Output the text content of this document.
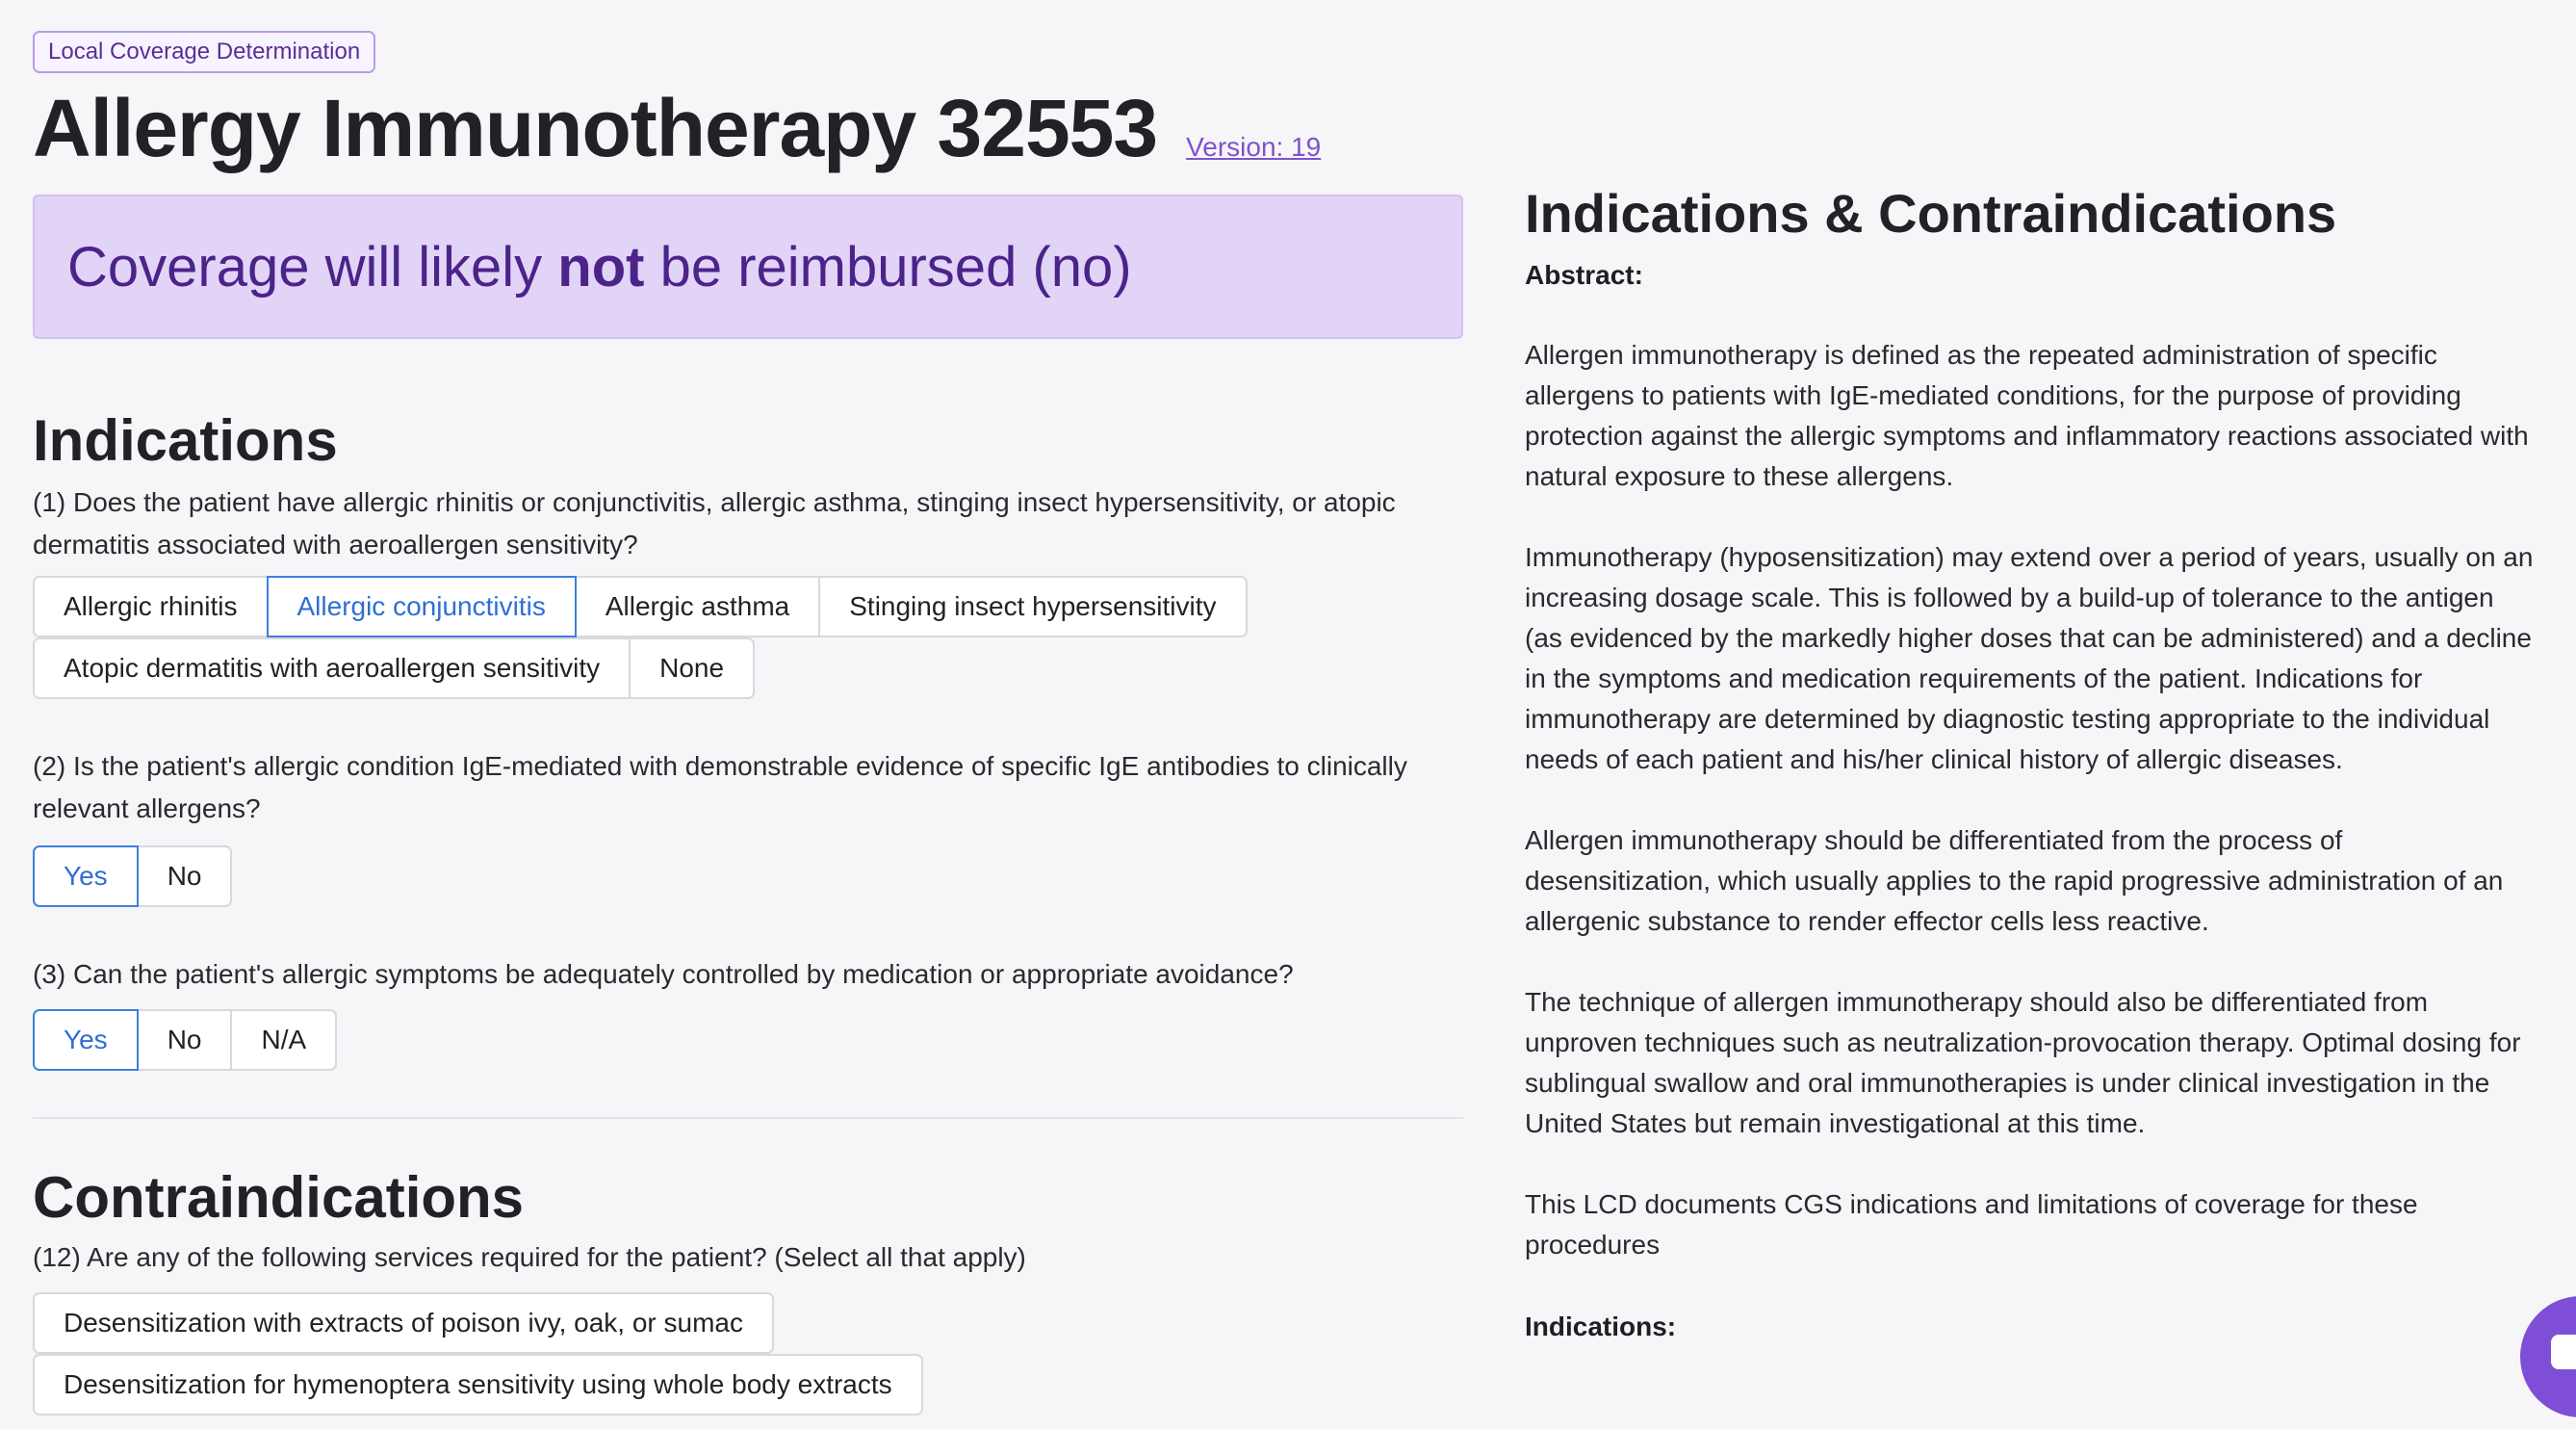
Local Coverage Determination
Allergy Immunotherapy 32553 Version: 19
Coverage will likely not be reimbursed (no)
Indications
(1) Does the patient have allergic rhinitis or conjunctivitis, allergic asthma, stinging insect hypersensitivity, or atopic dermatitis associated with aeroallergen sensitivity?
Allergic rhinitis	Allergic conjunctivitis	Allergic asthma	Stinging insect hypersensitivity
Atopic dermatitis with aeroallergen sensitivity	None
(2) Is the patient's allergic condition IgE-mediated with demonstrable evidence of specific IgE antibodies to clinically relevant allergens?
Yes	No
(3) Can the patient's allergic symptoms be adequately controlled by medication or appropriate avoidance?
Yes	No	N/A
Contraindications
(12) Are any of the following services required for the patient? (Select all that apply)
Desensitization with extracts of poison ivy, oak, or sumac
Desensitization for hymenoptera sensitivity using whole body extracts
Indications & Contraindications
Abstract:
Allergen immunotherapy is defined as the repeated administration of specific allergens to patients with IgE-mediated conditions, for the purpose of providing protection against the allergic symptoms and inflammatory reactions associated with natural exposure to these allergens.
Immunotherapy (hyposensitization) may extend over a period of years, usually on an increasing dosage scale. This is followed by a build-up of tolerance to the antigen (as evidenced by the markedly higher doses that can be administered) and a decline in the symptoms and medication requirements of the patient. Indications for immunotherapy are determined by diagnostic testing appropriate to the individual needs of each patient and his/her clinical history of allergic diseases.
Allergen immunotherapy should be differentiated from the process of desensitization, which usually applies to the rapid progressive administration of an allergenic substance to render effector cells less reactive.
The technique of allergen immunotherapy should also be differentiated from unproven techniques such as neutralization-provocation therapy. Optimal dosing for sublingual swallow and oral immunotherapies is under clinical investigation in the United States but remain investigational at this time.
This LCD documents CGS indications and limitations of coverage for these procedures
Indications:
